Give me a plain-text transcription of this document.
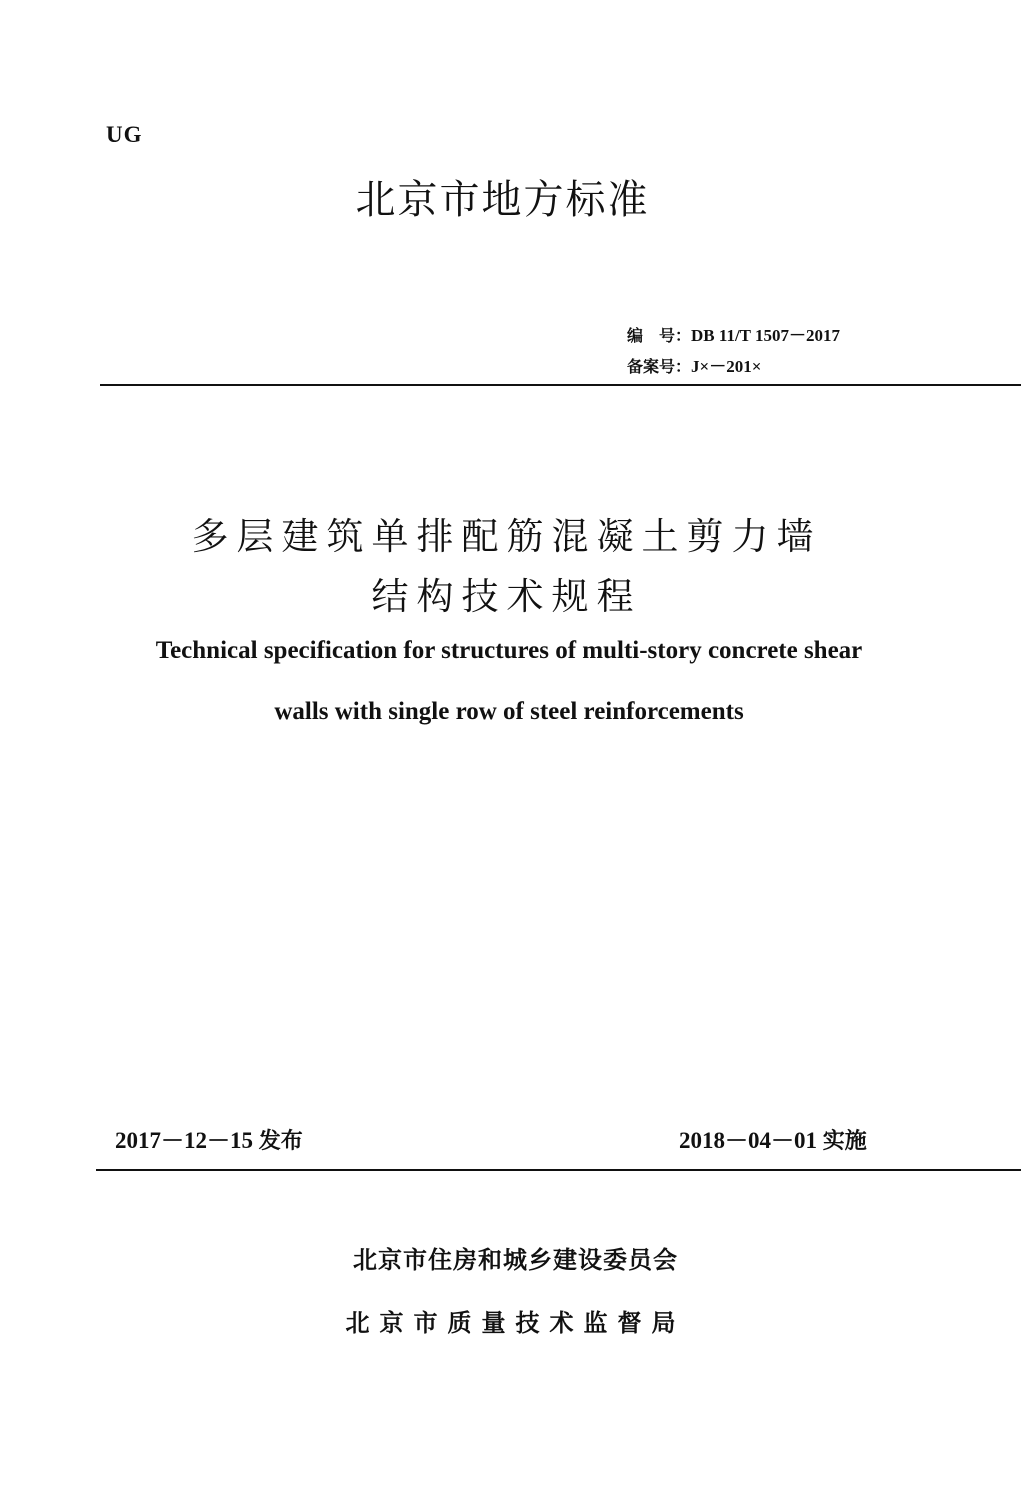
UG
北京市地方标准
编　号：DB 11/T 1507－2017
备案号：J×－201×
多层建筑单排配筋混凝土剪力墙
结构技术规程
Technical specification for structures of multi-story concrete shear
walls with single row of steel reinforcements
2017－12－15 发布	2018－04－01 实施
北京市住房和城乡建设委员会
北京市质量技术监督局
